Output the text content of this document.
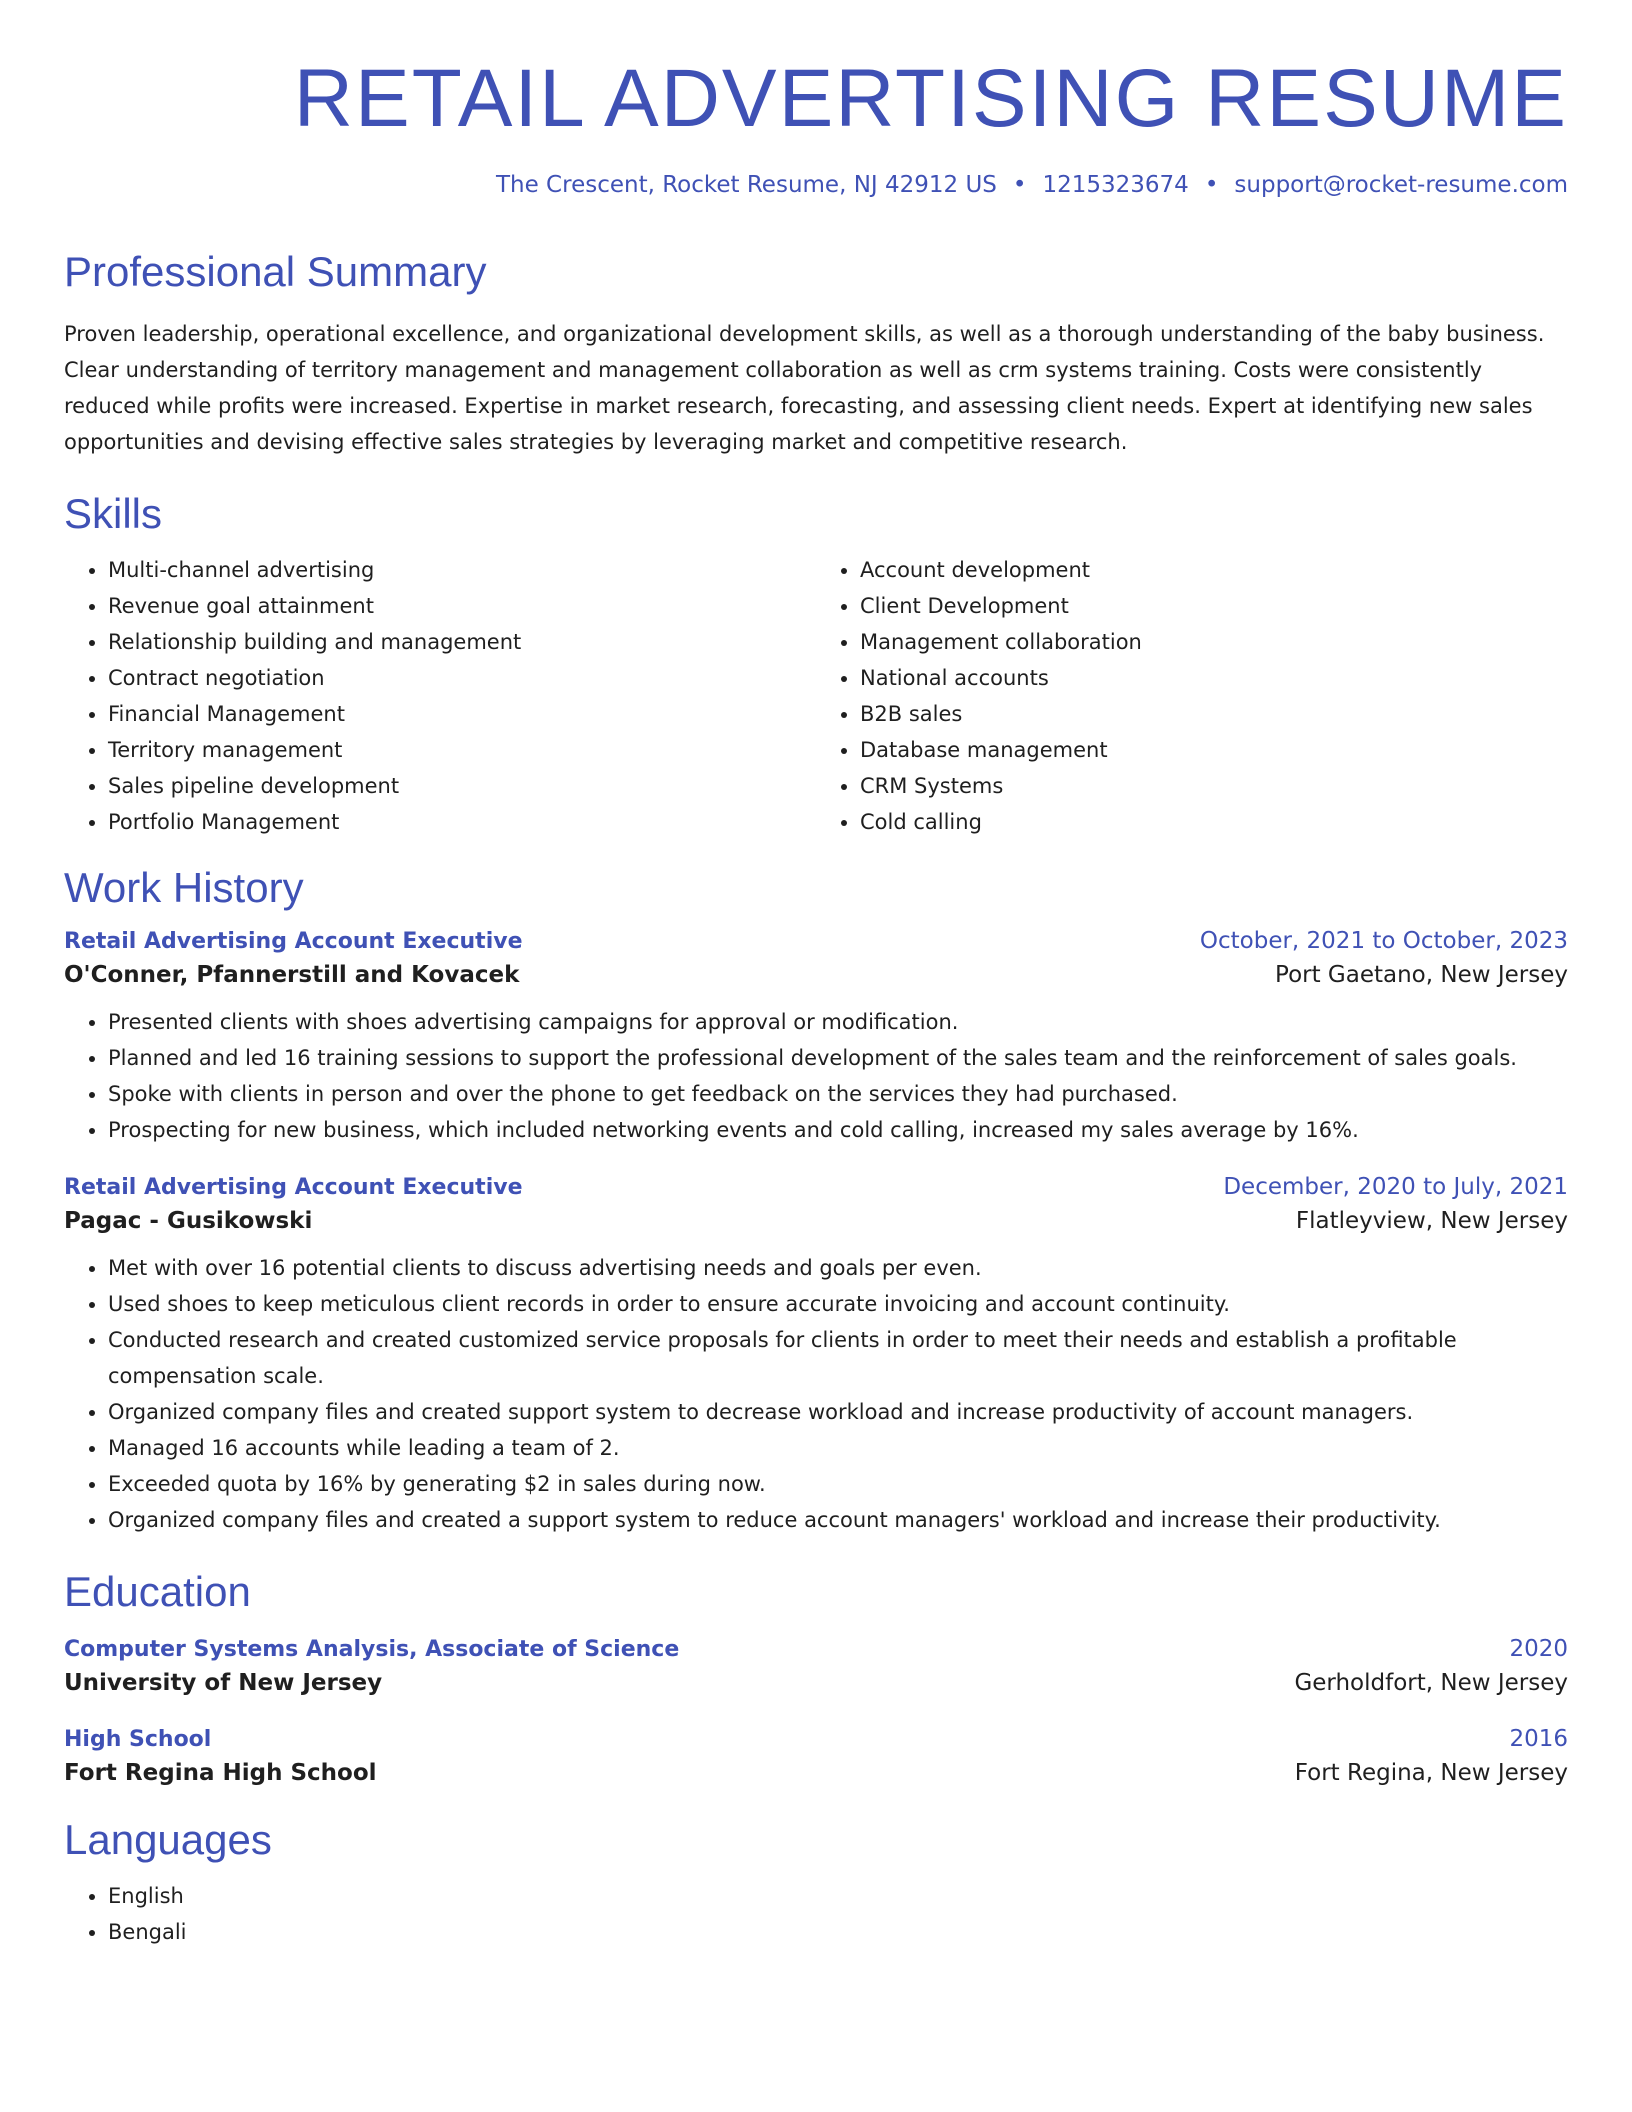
RETAIL ADVERTISING RESUME
The Crescent, Rocket Resume, NJ 42912 US • 1215323674 • support@rocket-resume.com
Professional Summary
Proven leadership, operational excellence, and organizational development skills, as well as a thorough understanding of the baby business. Clear understanding of territory management and management collaboration as well as crm systems training. Costs were consistently reduced while profits were increased. Expertise in market research, forecasting, and assessing client needs. Expert at identifying new sales opportunities and devising effective sales strategies by leveraging market and competitive research.
Skills
• Multi-channel advertising
• Revenue goal attainment
• Relationship building and management
• Contract negotiation
• Financial Management
• Territory management
• Sales pipeline development
• Portfolio Management
• Account development
• Client Development
• Management collaboration
• National accounts
• B2B sales
• Database management
• CRM Systems
• Cold calling
Work History
Retail Advertising Account Executive	October, 2021 to October, 2023
O'Conner, Pfannerstill and Kovacek	Port Gaetano, New Jersey
• Presented clients with shoes advertising campaigns for approval or modification.
• Planned and led 16 training sessions to support the professional development of the sales team and the reinforcement of sales goals.
• Spoke with clients in person and over the phone to get feedback on the services they had purchased.
• Prospecting for new business, which included networking events and cold calling, increased my sales average by 16%.
Retail Advertising Account Executive	December, 2020 to July, 2021
Pagac - Gusikowski	Flatleyview, New Jersey
• Met with over 16 potential clients to discuss advertising needs and goals per even.
• Used shoes to keep meticulous client records in order to ensure accurate invoicing and account continuity.
• Conducted research and created customized service proposals for clients in order to meet their needs and establish a profitable compensation scale.
• Organized company files and created support system to decrease workload and increase productivity of account managers.
• Managed 16 accounts while leading a team of 2.
• Exceeded quota by 16% by generating $2 in sales during now.
• Organized company files and created a support system to reduce account managers' workload and increase their productivity.
Education
Computer Systems Analysis, Associate of Science	2020
University of New Jersey	Gerholdfort, New Jersey
High School	2016
Fort Regina High School	Fort Regina, New Jersey
Languages
• English
• Bengali
